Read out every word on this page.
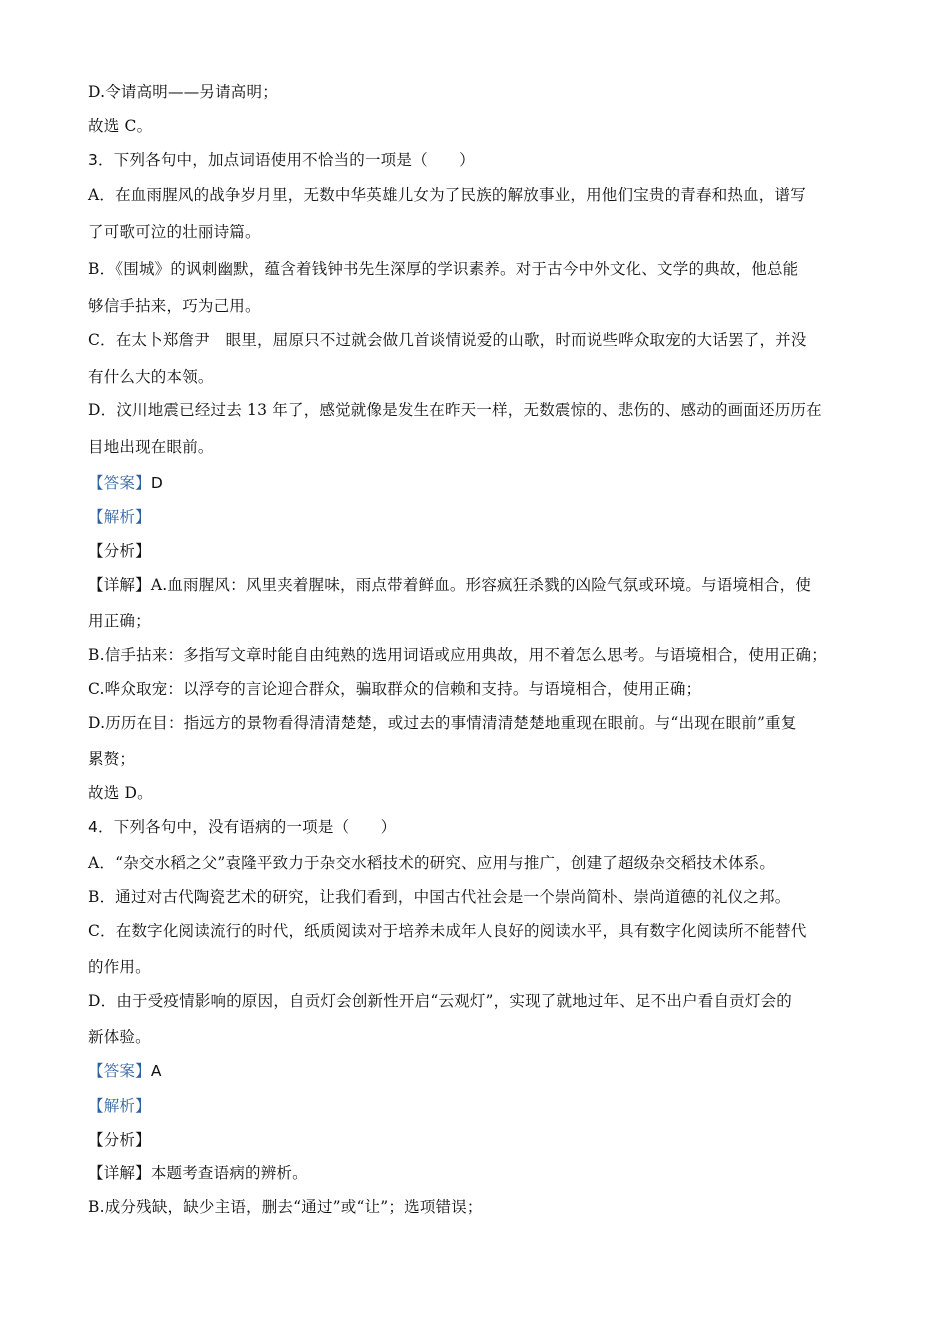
D.令请高明——另请高明；
故选 C。
3．下列各句中，加点词语使用不恰当的一项是（　　）
A．在血雨腥风的战争岁月里，无数中华英雄儿女为了民族的解放事业，用他们宝贵的青春和热血，谱写
了可歌可泣的壮丽诗篇。
B．《围城》的讽刺幽默，蕴含着钱钟书先生深厚的学识素养。对于古今中外文化、文学的典故，他总能
够信手拈来，巧为己用。
C．在太卜郑詹尹　眼里，屈原只不过就会做几首谈情说爱的山歌，时而说些哗众取宠的大话罢了，并没
有什么大的本领。
D．汶川地震已经过去 13 年了，感觉就像是发生在昨天一样，无数震惊的、悲伤的、感动的画面还历历在
目地出现在眼前。
【答案】D
【解析】
【分析】
【详解】A.血雨腥风：风里夹着腥味，雨点带着鲜血。形容疯狂杀戮的凶险气氛或环境。与语境相合，使
用正确；
B.信手拈来：多指写文章时能自由纯熟的选用词语或应用典故，用不着怎么思考。与语境相合，使用正确；
C.哗众取宠：以浮夸的言论迎合群众，骗取群众的信赖和支持。与语境相合，使用正确；
D.历历在目：指远方的景物看得清清楚楚，或过去的事情清清楚楚地重现在眼前。与“出现在眼前”重复
累赘；
故选 D。
4．下列各句中，没有语病的一项是（　　）
A．“杂交水稻之父”袁隆平致力于杂交水稻技术的研究、应用与推广，创建了超级杂交稻技术体系。
B．通过对古代陶瓷艺术的研究，让我们看到，中国古代社会是一个崇尚简朴、崇尚道德的礼仪之邦。
C．在数字化阅读流行的时代，纸质阅读对于培养未成年人良好的阅读水平，具有数字化阅读所不能替代
的作用。
D．由于受疫情影响的原因，自贡灯会创新性开启“云观灯”，实现了就地过年、足不出户看自贡灯会的
新体验。
【答案】A
【解析】
【分析】
【详解】本题考查语病的辨析。
B.成分残缺，缺少主语，删去“通过”或“让”；选项错误；
